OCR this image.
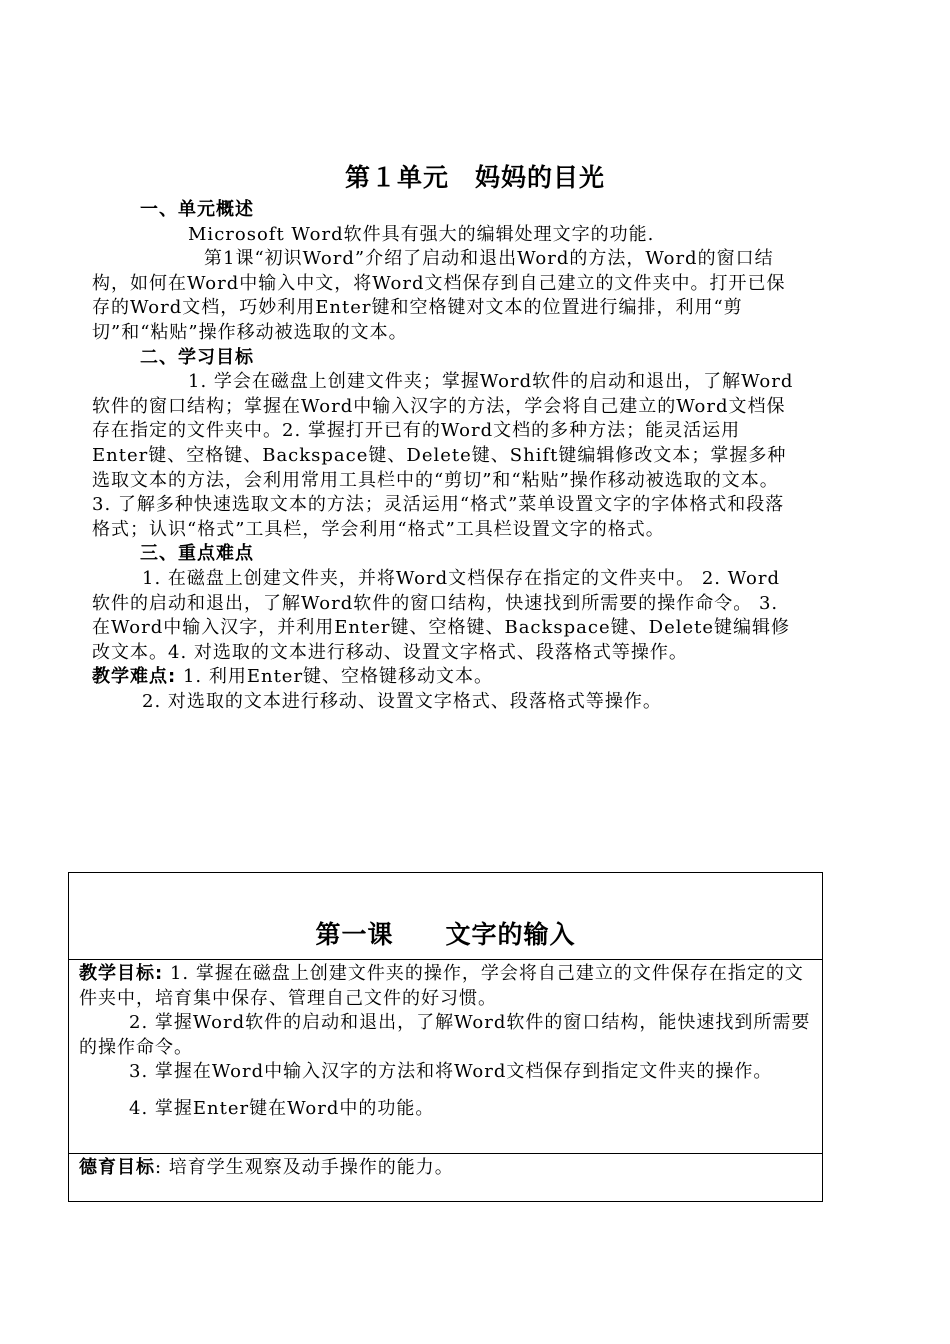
第１单元　妈妈的目光

一、单元概述

Microsoft Word软件具有强大的编辑处理文字的功能.

第1课“初识Word”介绍了启动和退出Word的方法，Word的窗口结构，如何在Word中输入中文，将Word文档保存到自己建立的文件夹中。打开已保存的Word文档，巧妙利用Enter键和空格键对文本的位置进行编排，利用“剪切”和“粘贴”操作移动被选取的文本。

二、学习目标

1. 学会在磁盘上创建文件夹；掌握Word软件的启动和退出，了解Word软件的窗口结构；掌握在Word中输入汉字的方法，学会将自己建立的Word文档保存在指定的文件夹中。2. 掌握打开已有的Word文档的多种方法；能灵活运用Enter键、空格键、Backspace键、Delete键、Shift键编辑修改文本；掌握多种选取文本的方法，会利用常用工具栏中的“剪切”和“粘贴”操作移动被选取的文本。3. 了解多种快速选取文本的方法；灵活运用“格式”菜单设置文字的字体格式和段落格式；认识“格式”工具栏，学会利用“格式”工具栏设置文字的格式。

三、重点难点

1. 在磁盘上创建文件夹，并将Word文档保存在指定的文件夹中。 2. Word软件的启动和退出，了解Word软件的窗口结构，快速找到所需要的操作命令。 3. 在Word中输入汉字，并利用Enter键、空格键、Backspace键、Delete键编辑修改文本。4. 对选取的文本进行移动、设置文字格式、段落格式等操作。

教学难点: 1. 利用Enter键、空格键移动文本。

2. 对选取的文本进行移动、设置文字格式、段落格式等操作。

第一课　　文字的输入

教学目标: 1. 掌握在磁盘上创建文件夹的操作，学会将自己建立的文件保存在指定的文件夹中，培育集中保存、管理自己文件的好习惯。

2. 掌握Word软件的启动和退出，了解Word软件的窗口结构，能快速找到所需要的操作命令。

3. 掌握在Word中输入汉字的方法和将Word文档保存到指定文件夹的操作。

4. 掌握Enter键在Word中的功能。

德育目标: 培育学生观察及动手操作的能力。
